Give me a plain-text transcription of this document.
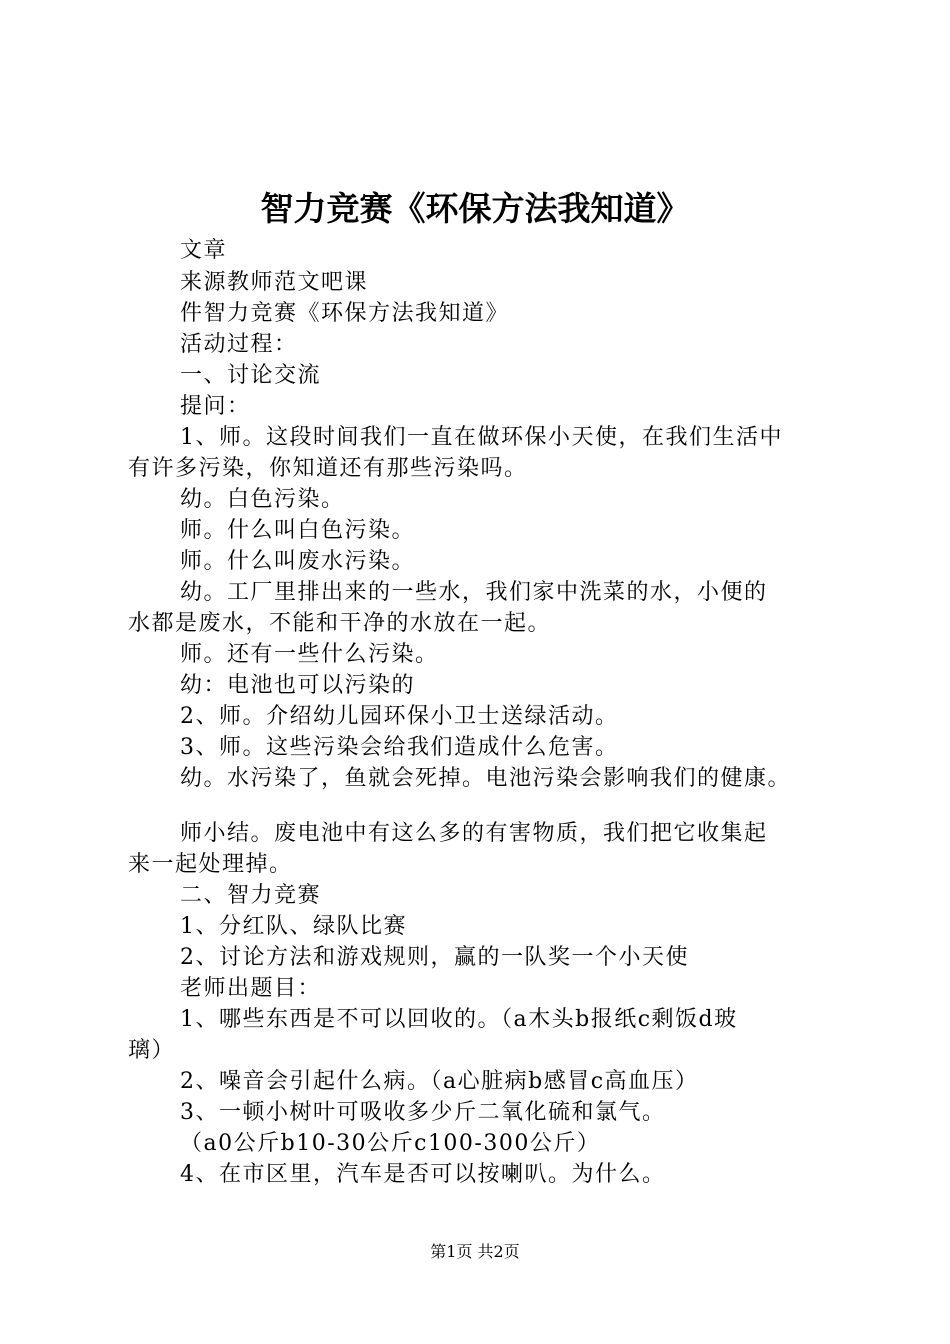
智力竞赛《环保方法我知道》
文章
来源教师范文吧课
件智力竞赛《环保方法我知道》
活动过程：
一、讨论交流
提问：
1、师。这段时间我们一直在做环保小天使，在我们生活中
有许多污染，你知道还有那些污染吗。
幼。白色污染。
师。什么叫白色污染。
师。什么叫废水污染。
幼。工厂里排出来的一些水，我们家中洗菜的水，小便的
水都是废水，不能和干净的水放在一起。
师。还有一些什么污染。
幼：电池也可以污染的
2、师。介绍幼儿园环保小卫士送绿活动。
3、师。这些污染会给我们造成什么危害。
幼。水污染了，鱼就会死掉。电池污染会影响我们的健康。
师小结。废电池中有这么多的有害物质，我们把它收集起
来一起处理掉。
二、智力竞赛
1、分红队、绿队比赛
2、讨论方法和游戏规则，赢的一队奖一个小天使
老师出题目：
1、哪些东西是不可以回收的。（a木头b报纸c剩饭d玻
璃）
2、噪音会引起什么病。（a心脏病b感冒c高血压）
3、一顿小树叶可吸收多少斤二氧化硫和氯气。
（a0公斤b10-30公斤c100-300公斤）
4、在市区里，汽车是否可以按喇叭。为什么。
第1页 共2页
